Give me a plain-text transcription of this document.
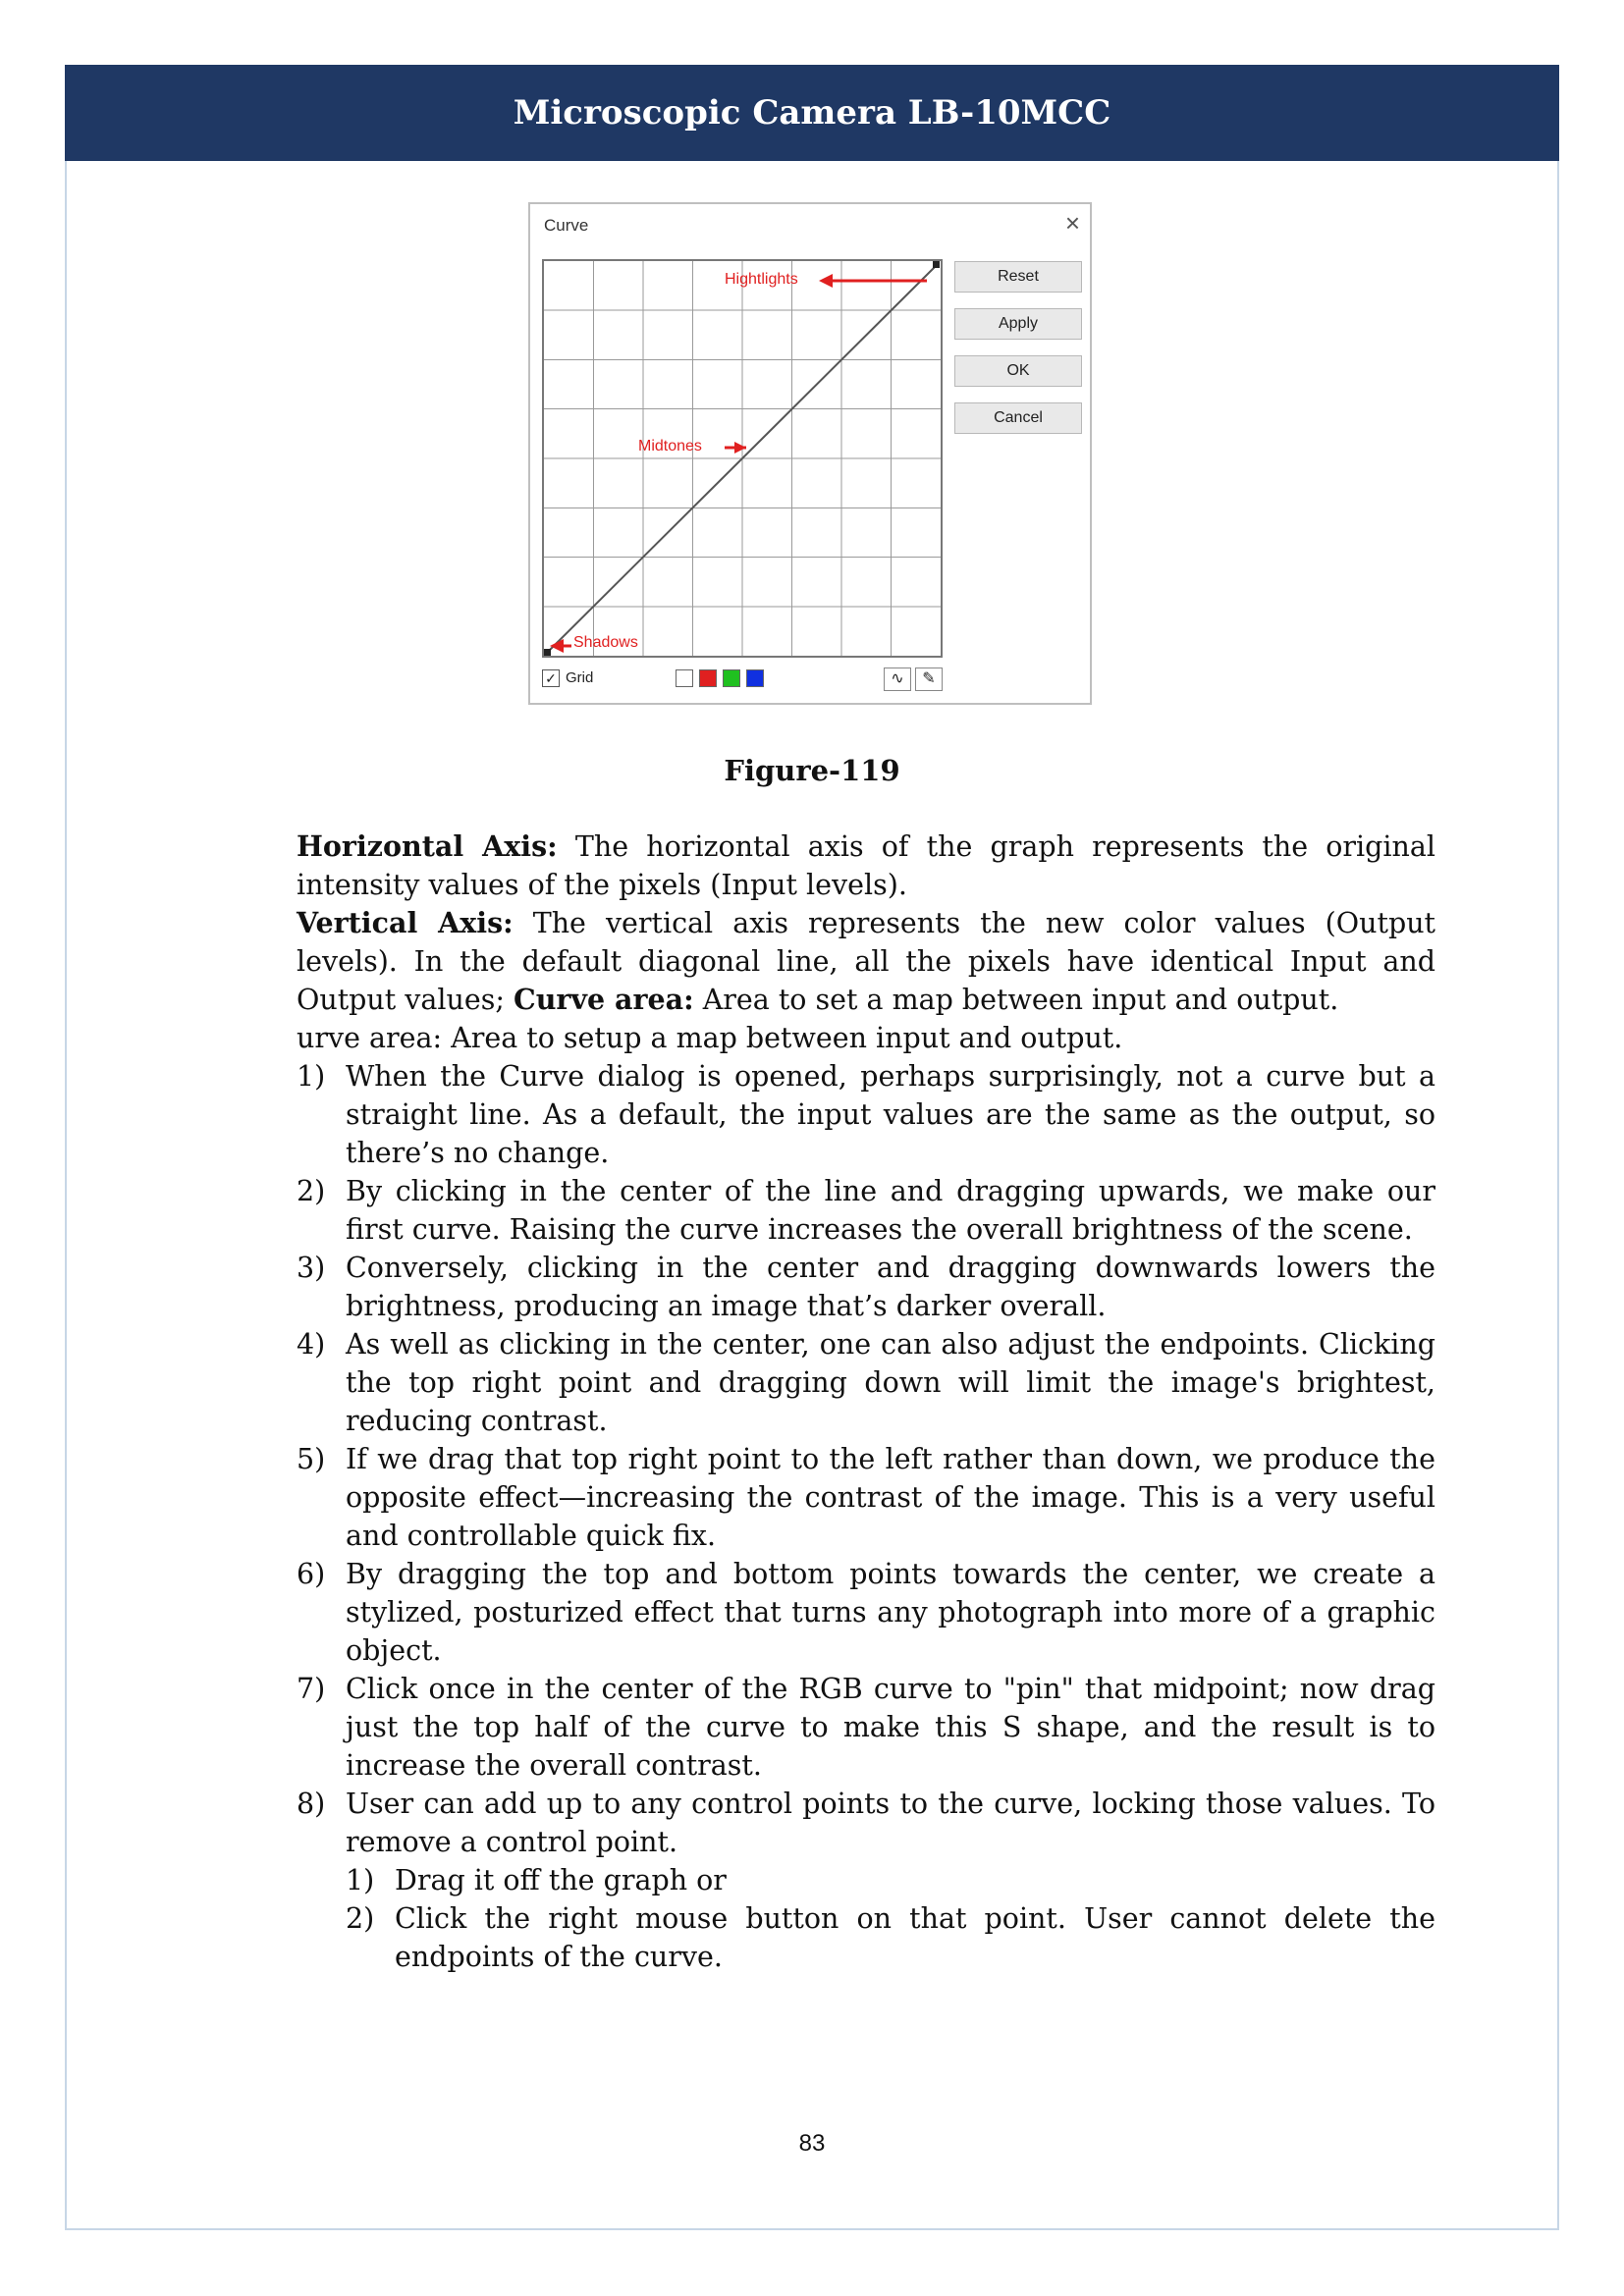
Microscopic Camera LB-10MCC
Curve	×
Hightlights
Midtones
Shadows
Reset
Apply
OK
Cancel
✓ Grid	∿	✎
Figure-119

Horizontal Axis: The horizontal axis of the graph represents the original intensity values of the pixels (Input levels).

Vertical Axis: The vertical axis represents the new color values (Output levels). In the default diagonal line, all the pixels have identical Input and Output values; Curve area: Area to set a map between input and output.

urve area: Area to setup a map between input and output.

1) When the Curve dialog is opened, perhaps surprisingly, not a curve but a straight line. As a default, the input values are the same as the output, so there’s no change.
2) By clicking in the center of the line and dragging upwards, we make our first curve. Raising the curve increases the overall brightness of the scene.
3) Conversely, clicking in the center and dragging downwards lowers the brightness, producing an image that’s darker overall.
4) As well as clicking in the center, one can also adjust the endpoints. Clicking the top right point and dragging down will limit the image's brightest, reducing contrast.
5) If we drag that top right point to the left rather than down, we produce the opposite effect—increasing the contrast of the image. This is a very useful and controllable quick fix.
6) By dragging the top and bottom points towards the center, we create a stylized, posturized effect that turns any photograph into more of a graphic object.
7) Click once in the center of the RGB curve to "pin" that midpoint; now drag just the top half of the curve to make this S shape, and the result is to increase the overall contrast.
8) User can add up to any control points to the curve, locking those values. To remove a control point.
1) Drag it off the graph or
2) Click the right mouse button on that point. User cannot delete the endpoints of the curve.
83
